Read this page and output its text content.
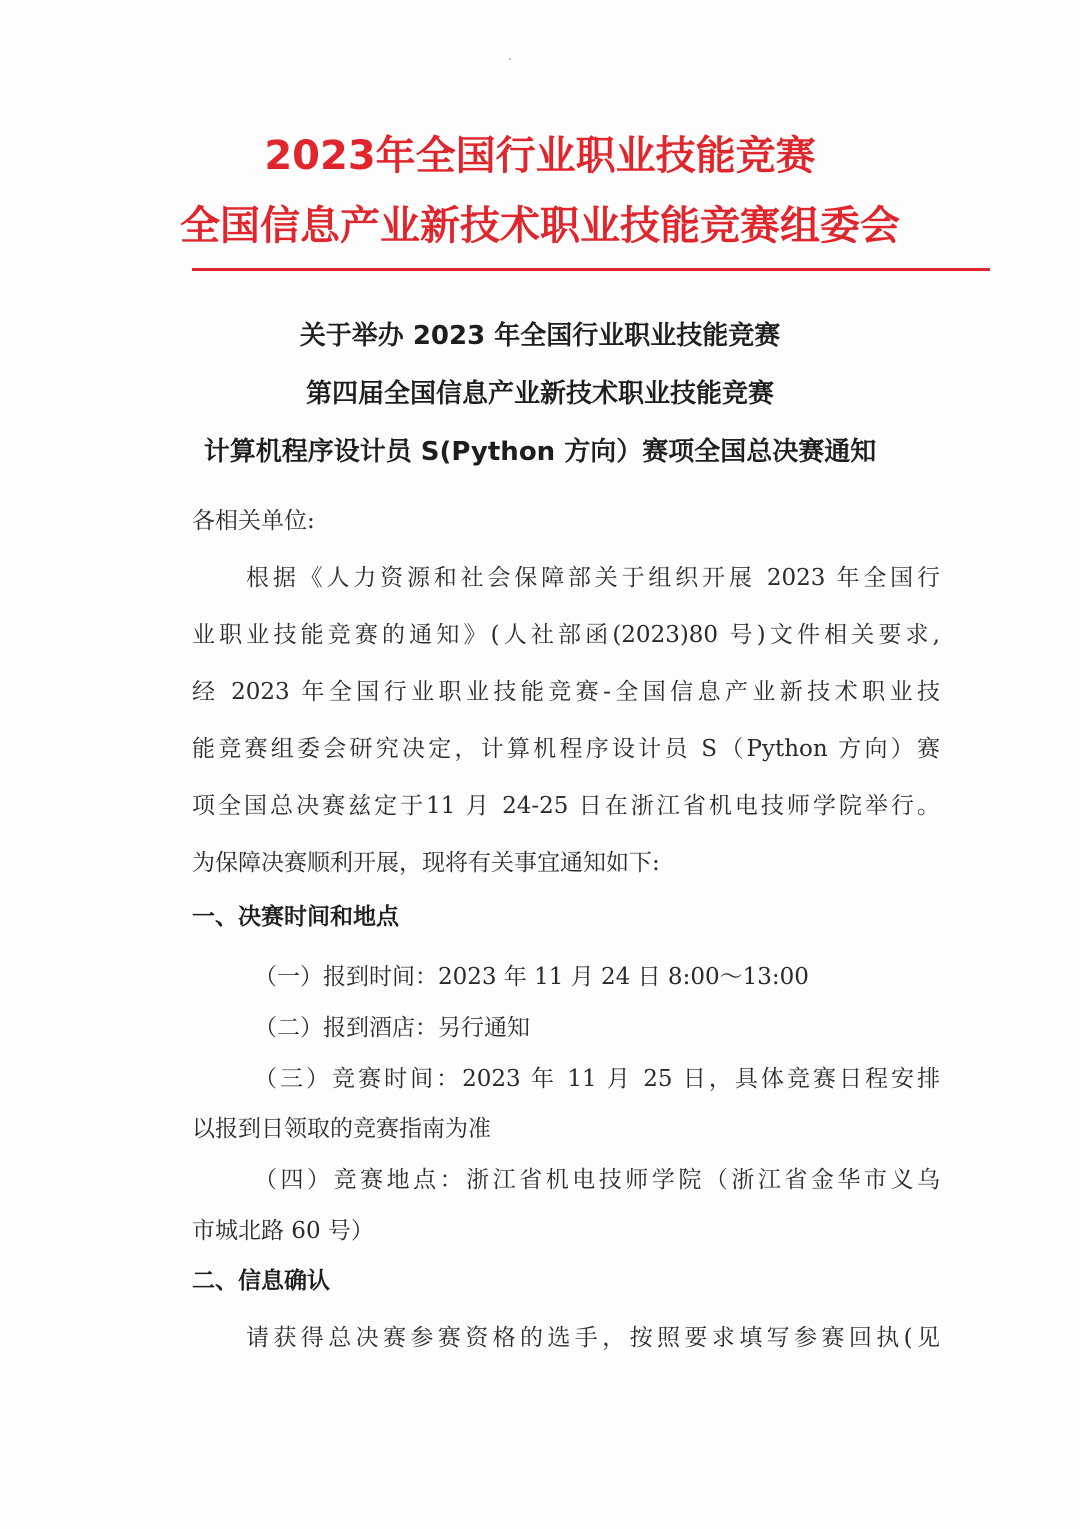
2023年全国行业职业技能竞赛
全国信息产业新技术职业技能竞赛组委会
关于举办 2023 年全国行业职业技能竞赛
第四届全国信息产业新技术职业技能竞赛
计算机程序设计员 S(Python 方向）赛项全国总决赛通知
各相关单位:
根据《人力资源和社会保障部关于组织开展 2023 年全国行
业职业技能竞赛的通知》(人社部函(2023)80 号)文件相关要求,
经 2023 年全国行业职业技能竞赛-全国信息产业新技术职业技
能竞赛组委会研究决定，计算机程序设计员 S（Python 方向）赛
项全国总决赛兹定于11 月 24-25 日在浙江省机电技师学院举行。
为保障决赛顺利开展，现将有关事宜通知如下:
一、决赛时间和地点
（一）报到时间：2023 年 11 月 24 日 8:00～13:00
（二）报到酒店：另行通知
（三）竞赛时间：2023 年 11 月 25 日，具体竞赛日程安排
以报到日领取的竞赛指南为准
（四）竞赛地点：浙江省机电技师学院（浙江省金华市义乌
市城北路 60 号）
二、信息确认
请获得总决赛参赛资格的选手，按照要求填写参赛回执(见
